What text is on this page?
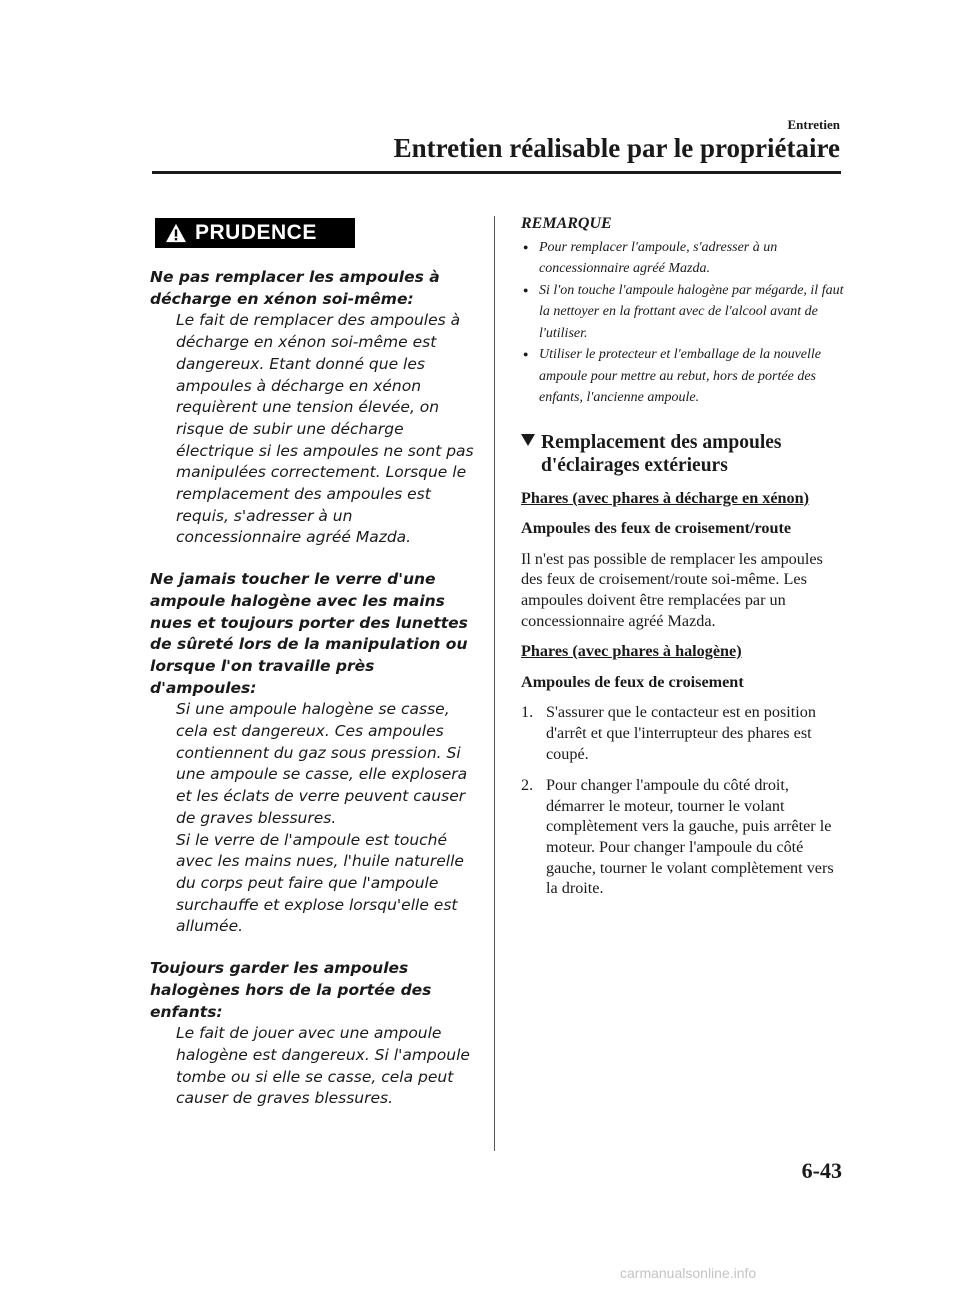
Entretien
Entretien réalisable par le propriétaire
PRUDENCE
Ne pas remplacer les ampoules à décharge en xénon soi-même:

Le fait de remplacer des ampoules à décharge en xénon soi-même est dangereux. Etant donné que les ampoules à décharge en xénon requièrent une tension élevée, on risque de subir une décharge électrique si les ampoules ne sont pas manipulées correctement. Lorsque le remplacement des ampoules est requis, s'adresser à un concessionnaire agréé Mazda.

Ne jamais toucher le verre d'une ampoule halogène avec les mains nues et toujours porter des lunettes de sûreté lors de la manipulation ou lorsque l'on travaille près d'ampoules:

Si une ampoule halogène se casse, cela est dangereux. Ces ampoules contiennent du gaz sous pression. Si une ampoule se casse, elle explosera et les éclats de verre peuvent causer de graves blessures.

Si le verre de l'ampoule est touché avec les mains nues, l'huile naturelle du corps peut faire que l'ampoule surchauffe et explose lorsqu'elle est allumée.

Toujours garder les ampoules halogènes hors de la portée des enfants:

Le fait de jouer avec une ampoule halogène est dangereux. Si l'ampoule tombe ou si elle se casse, cela peut causer de graves blessures.

REMARQUE
● Pour remplacer l'ampoule, s'adresser à un concessionnaire agréé Mazda.
● Si l'on touche l'ampoule halogène par mégarde, il faut la nettoyer en la frottant avec de l'alcool avant de l'utiliser.
● Utiliser le protecteur et l'emballage de la nouvelle ampoule pour mettre au rebut, hors de portée des enfants, l'ancienne ampoule.
Remplacement des ampoules d'éclairages extérieurs

Phares (avec phares à décharge en xénon)

Ampoules des feux de croisement/route

Il n'est pas possible de remplacer les ampoules des feux de croisement/route soi-même. Les ampoules doivent être remplacées par un concessionnaire agréé Mazda.

Phares (avec phares à halogène)

Ampoules de feux de croisement

1. S'assurer que le contacteur est en position d'arrêt et que l'interrupteur des phares est coupé.
2. Pour changer l'ampoule du côté droit, démarrer le moteur, tourner le volant complètement vers la gauche, puis arrêter le moteur. Pour changer l'ampoule du côté gauche, tourner le volant complètement vers la droite.
6-43
carmanualsonline.info
